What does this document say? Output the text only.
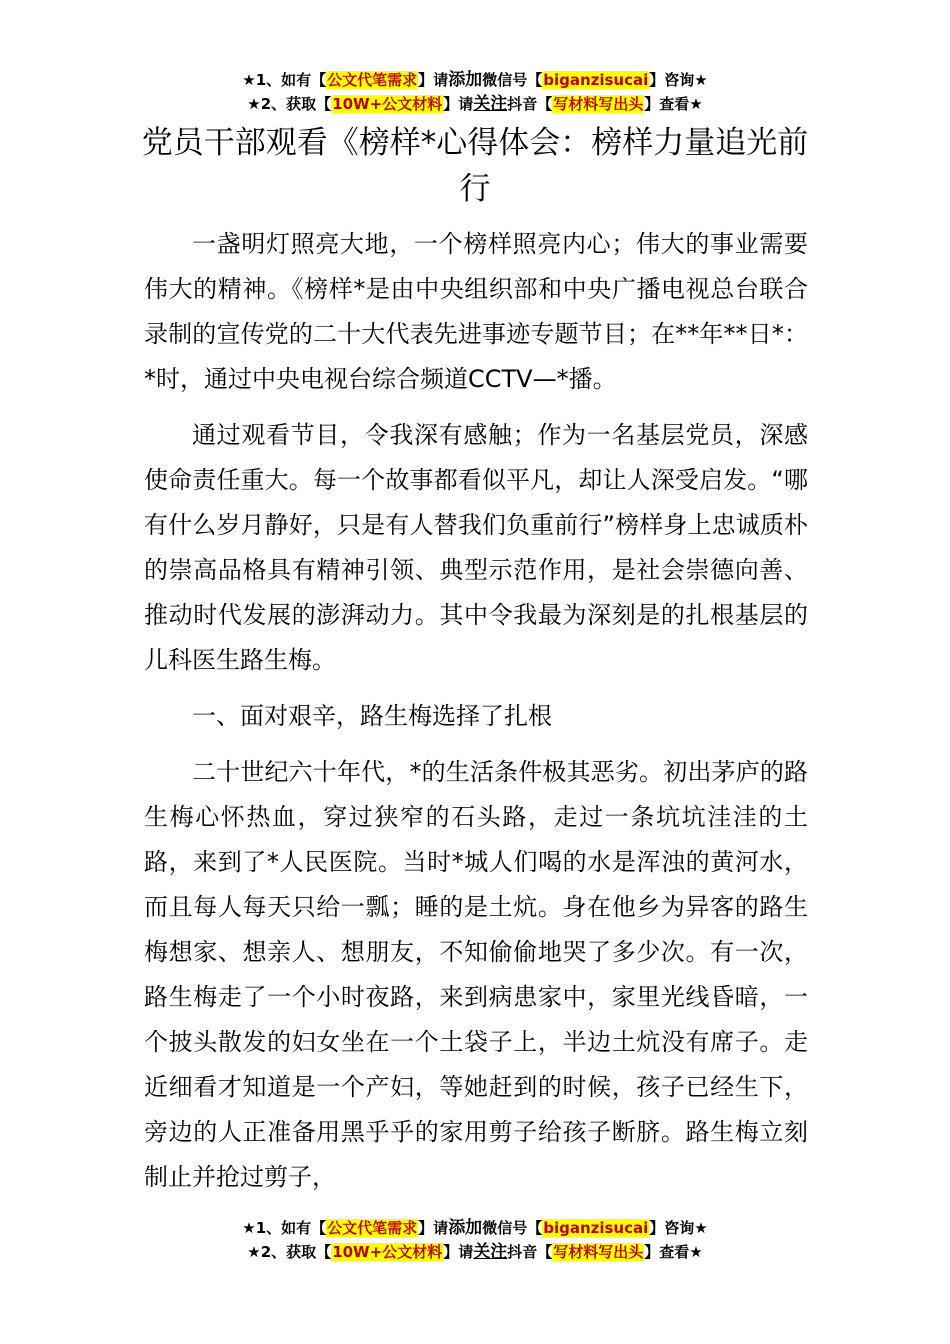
★1、如有【公文代笔需求】请添加微信号【biganzisucai】咨询★
★2、获取【10W+公文材料】请关注抖音【写材料写出头】查看★
党员干部观看《榜样*心得体会：榜样力量追光前行

一盏明灯照亮大地，一个榜样照亮内心；伟大的事业需要伟大的精神。《榜样*是由中央组织部和中央广播电视总台联合录制的宣传党的二十大代表先进事迹专题节目；在**年**日*：*时，通过中央电视台综合频道CCTV—*播。

通过观看节目，令我深有感触；作为一名基层党员，深感使命责任重大。每一个故事都看似平凡，却让人深受启发。“哪有什么岁月静好，只是有人替我们负重前行”榜样身上忠诚质朴的崇高品格具有精神引领、典型示范作用，是社会崇德向善、推动时代发展的澎湃动力。其中令我最为深刻是的扎根基层的儿科医生路生梅。

一、面对艰辛，路生梅选择了扎根

二十世纪六十年代，*的生活条件极其恶劣。初出茅庐的路生梅心怀热血，穿过狭窄的石头路，走过一条坑坑洼洼的土路，来到了*人民医院。当时*城人们喝的水是浑浊的黄河水，而且每人每天只给一瓢；睡的是土炕。身在他乡为异客的路生梅想家、想亲人、想朋友，不知偷偷地哭了多少次。有一次，路生梅走了一个小时夜路，来到病患家中，家里光线昏暗，一个披头散发的妇女坐在一个土袋子上，半边土炕没有席子。走近细看才知道是一个产妇，等她赶到的时候，孩子已经生下，旁边的人正准备用黑乎乎的家用剪子给孩子断脐。路生梅立刻制止并抢过剪子，

★1、如有【公文代笔需求】请添加微信号【biganzisucai】咨询★
★2、获取【10W+公文材料】请关注抖音【写材料写出头】查看★
